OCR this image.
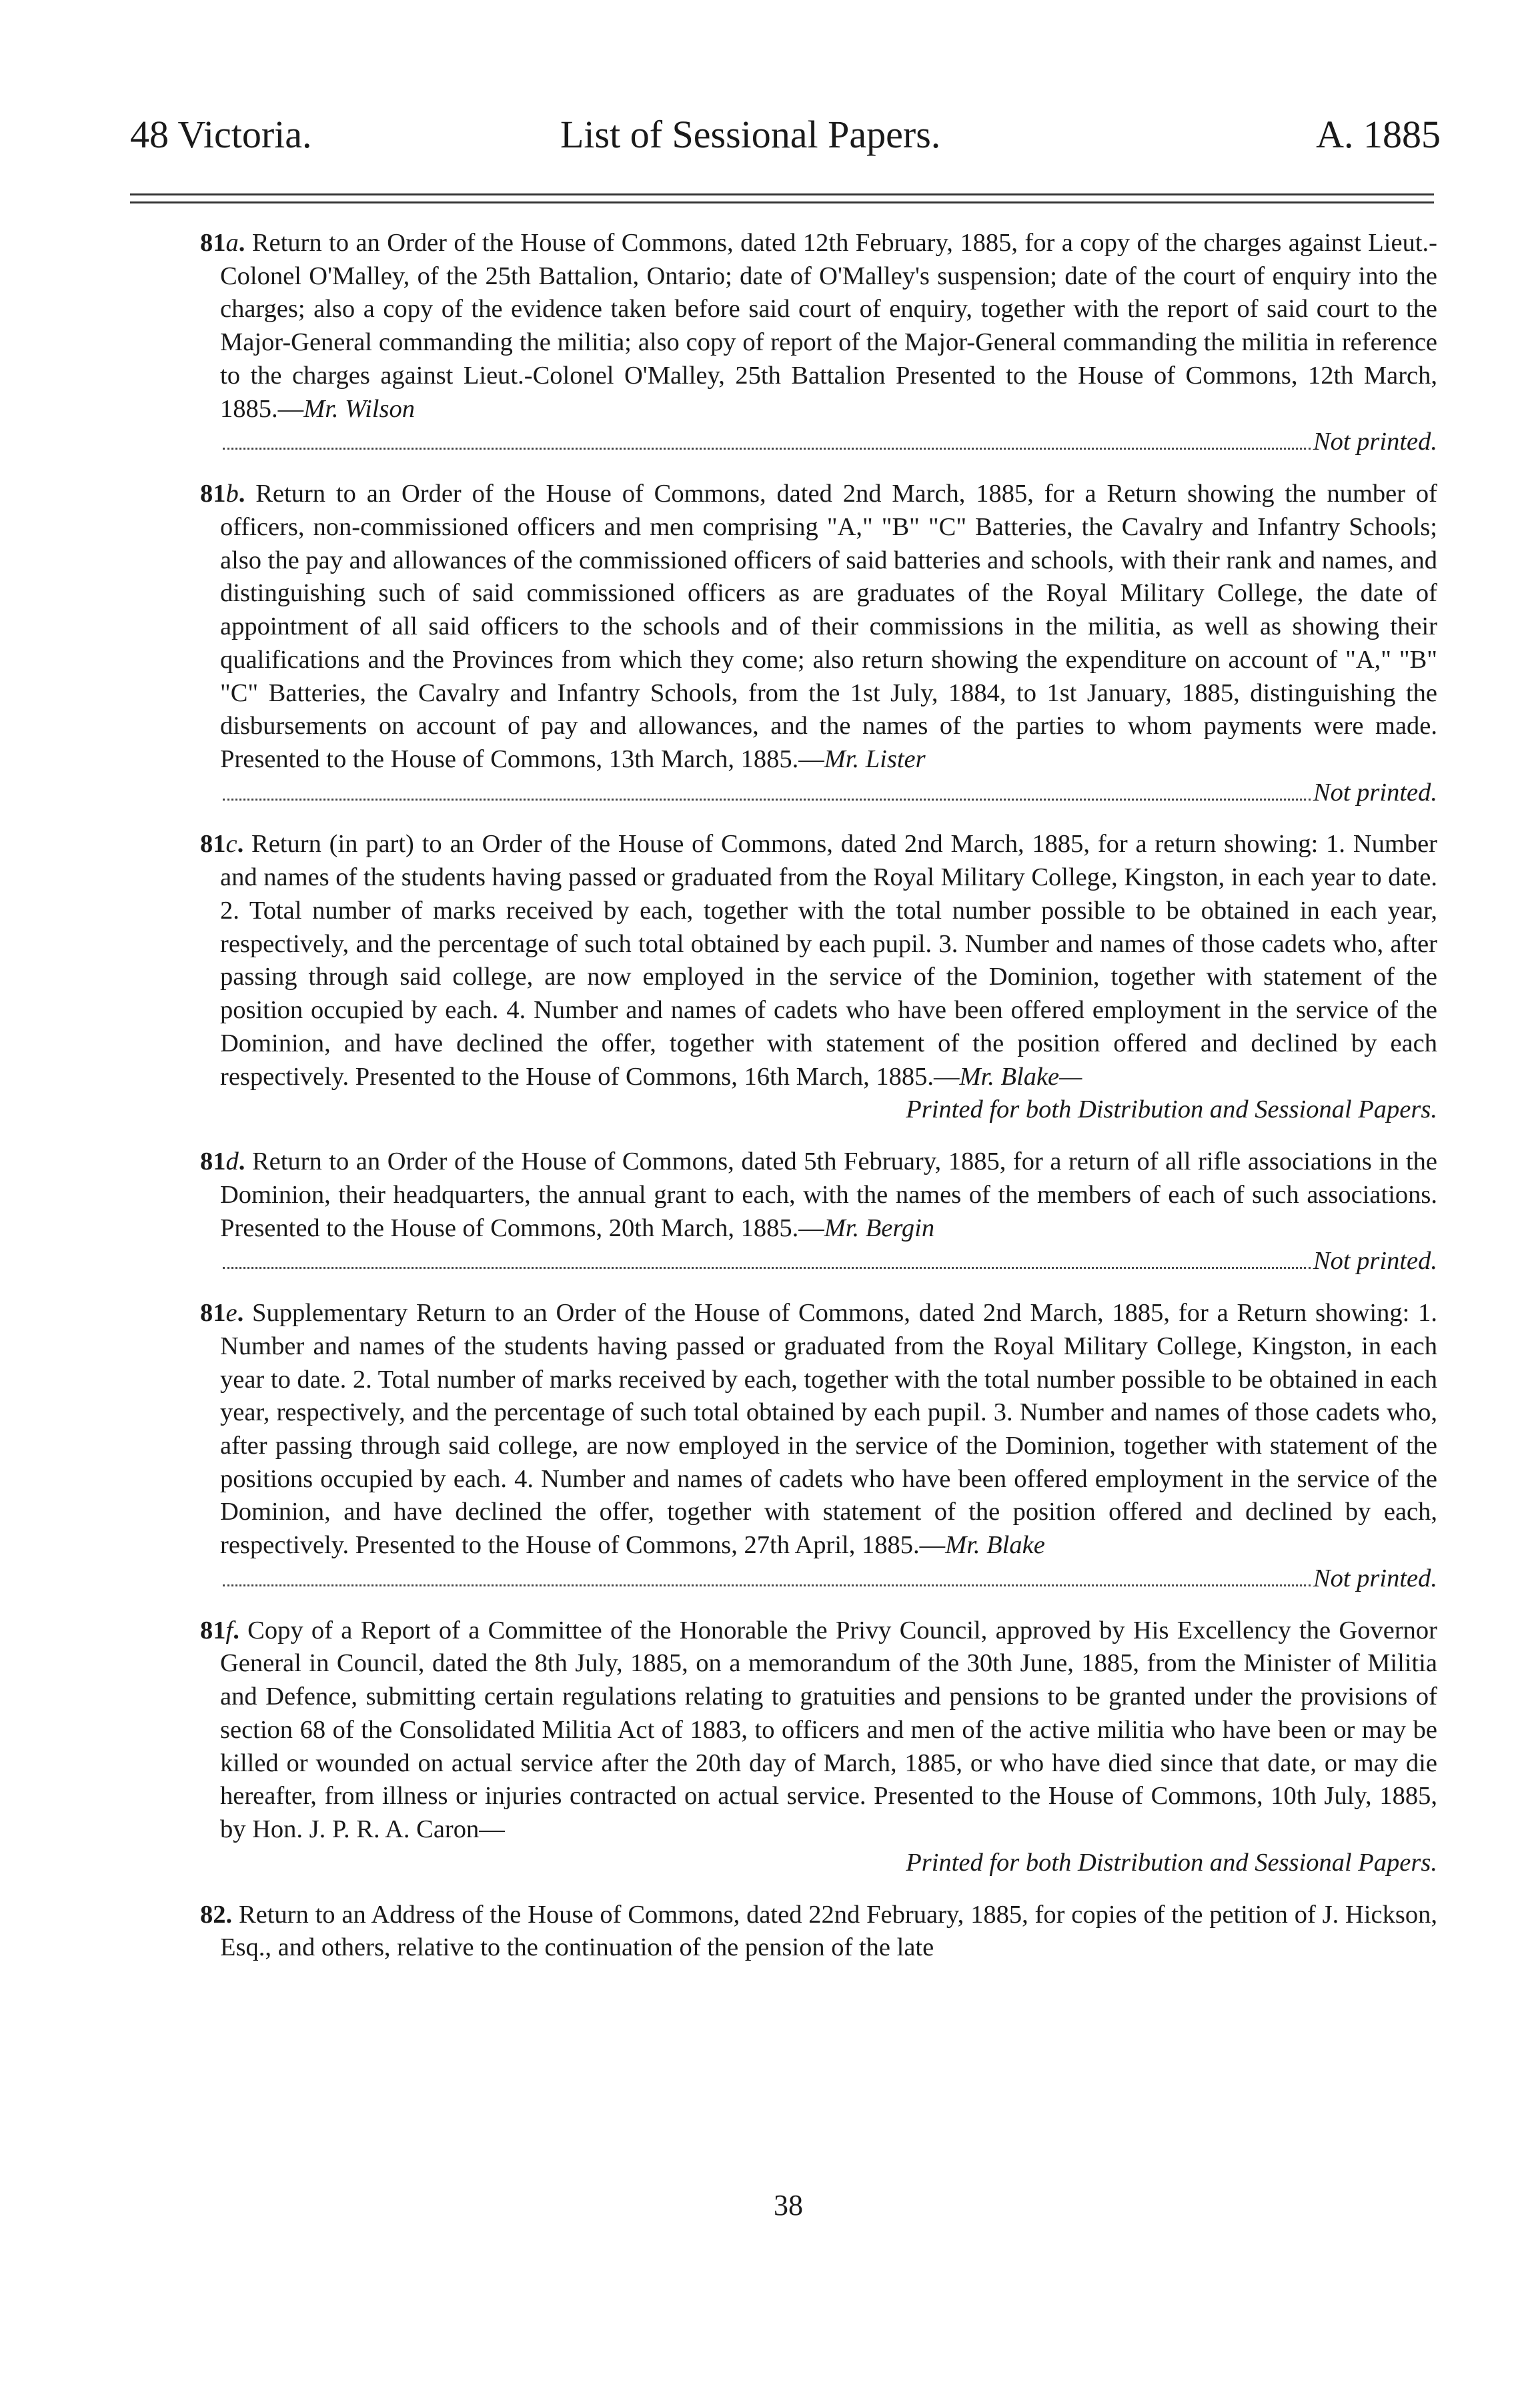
48 Victoria.	List of Sessional Papers.	A. 1885
81a. Return to an Order of the House of Commons, dated 12th February, 1885, for a copy of the charges against Lieut.-Colonel O'Malley, of the 25th Battalion, Ontario; date of O'Malley's suspension; date of the court of enquiry into the charges; also a copy of the evidence taken before said court of enquiry, together with the report of said court to the Major-General commanding the militia; also copy of report of the Major-General commanding the militia in reference to the charges against Lieut.-Colonel O'Malley, 25th Battalion Presented to the House of Commons, 12th March, 1885.—Mr. Wilson
Not printed.
81b. Return to an Order of the House of Commons, dated 2nd March, 1885, for a Return showing the number of officers, non-commissioned officers and men comprising "A," "B" "C" Batteries, the Cavalry and Infantry Schools; also the pay and allowances of the commissioned officers of said batteries and schools, with their rank and names, and distinguishing such of said commissioned officers as are graduates of the Royal Military College, the date of appointment of all said officers to the schools and of their commissions in the militia, as well as showing their qualifications and the Provinces from which they come; also return showing the expenditure on account of "A," "B" "C" Batteries, the Cavalry and Infantry Schools, from the 1st July, 1884, to 1st January, 1885, distinguishing the disbursements on account of pay and allowances, and the names of the parties to whom payments were made. Presented to the House of Commons, 13th March, 1885.—Mr. Lister
Not printed.
81c. Return (in part) to an Order of the House of Commons, dated 2nd March, 1885, for a return showing: 1. Number and names of the students having passed or graduated from the Royal Military College, Kingston, in each year to date. 2. Total number of marks received by each, together with the total number possible to be obtained in each year, respectively, and the percentage of such total obtained by each pupil. 3. Number and names of those cadets who, after passing through said college, are now employed in the service of the Dominion, together with statement of the position occupied by each. 4. Number and names of cadets who have been offered employment in the service of the Dominion, and have declined the offer, together with statement of the position offered and declined by each respectively. Presented to the House of Commons, 16th March, 1885.—Mr. Blake—
Printed for both Distribution and Sessional Papers.
81d. Return to an Order of the House of Commons, dated 5th February, 1885, for a return of all rifle associations in the Dominion, their headquarters, the annual grant to each, with the names of the members of each of such associations. Presented to the House of Commons, 20th March, 1885.—Mr. Bergin
Not printed.
81e. Supplementary Return to an Order of the House of Commons, dated 2nd March, 1885, for a Return showing: 1. Number and names of the students having passed or graduated from the Royal Military College, Kingston, in each year to date. 2. Total number of marks received by each, together with the total number possible to be obtained in each year, respectively, and the percentage of such total obtained by each pupil. 3. Number and names of those cadets who, after passing through said college, are now employed in the service of the Dominion, together with statement of the positions occupied by each. 4. Number and names of cadets who have been offered employment in the service of the Dominion, and have declined the offer, together with statement of the position offered and declined by each, respectively. Presented to the House of Commons, 27th April, 1885.—Mr. Blake
Not printed.
81f. Copy of a Report of a Committee of the Honorable the Privy Council, approved by His Excellency the Governor General in Council, dated the 8th July, 1885, on a memorandum of the 30th June, 1885, from the Minister of Militia and Defence, submitting certain regulations relating to gratuities and pensions to be granted under the provisions of section 68 of the Consolidated Militia Act of 1883, to officers and men of the active militia who have been or may be killed or wounded on actual service after the 20th day of March, 1885, or who have died since that date, or may die hereafter, from illness or injuries contracted on actual service. Presented to the House of Commons, 10th July, 1885, by Hon. J. P. R. A. Caron—
Printed for both Distribution and Sessional Papers.
82. Return to an Address of the House of Commons, dated 22nd February, 1885, for copies of the petition of J. Hickson, Esq., and others, relative to the continuation of the pension of the late
38
